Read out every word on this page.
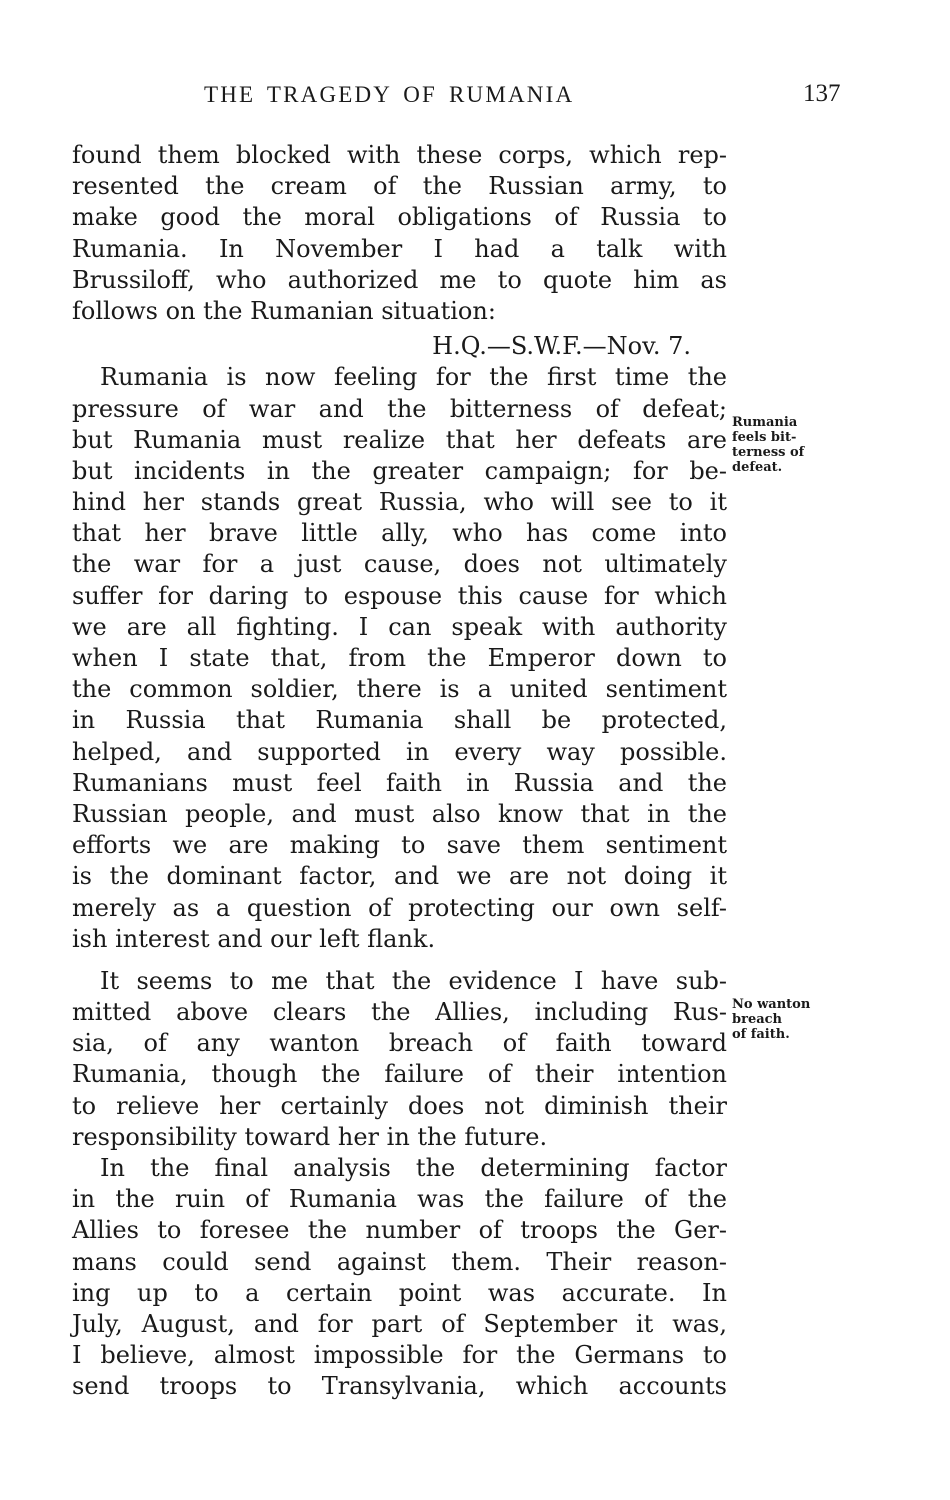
THE TRAGEDY OF RUMANIA	137
found them blocked with these corps, which rep-
resented the cream of the Russian army, to
make good the moral obligations of Russia to
Rumania. In November I had a talk with
Brussiloff, who authorized me to quote him as
follows on the Rumanian situation:
H.Q.—S.W.F.—Nov. 7.
Rumania is now feeling for the first time the
pressure of war and the bitterness of defeat;
but Rumania must realize that her defeats are
but incidents in the greater campaign; for be-
hind her stands great Russia, who will see to it
that her brave little ally, who has come into
the war for a just cause, does not ultimately
suffer for daring to espouse this cause for which
we are all fighting. I can speak with authority
when I state that, from the Emperor down to
the common soldier, there is a united sentiment
in Russia that Rumania shall be protected,
helped, and supported in every way possible.
Rumanians must feel faith in Russia and the
Russian people, and must also know that in the
efforts we are making to save them sentiment
is the dominant factor, and we are not doing it
merely as a question of protecting our own self-
ish interest and our left flank.
It seems to me that the evidence I have sub-
mitted above clears the Allies, including Rus-
sia, of any wanton breach of faith toward
Rumania, though the failure of their intention
to relieve her certainly does not diminish their
responsibility toward her in the future.
In the final analysis the determining factor
in the ruin of Rumania was the failure of the
Allies to foresee the number of troops the Ger-
mans could send against them. Their reason-
ing up to a certain point was accurate. In
July, August, and for part of September it was,
I believe, almost impossible for the Germans to
send troops to Transylvania, which accounts
Rumania
feels bit-
terness of
defeat.
No wanton
breach
of faith.
